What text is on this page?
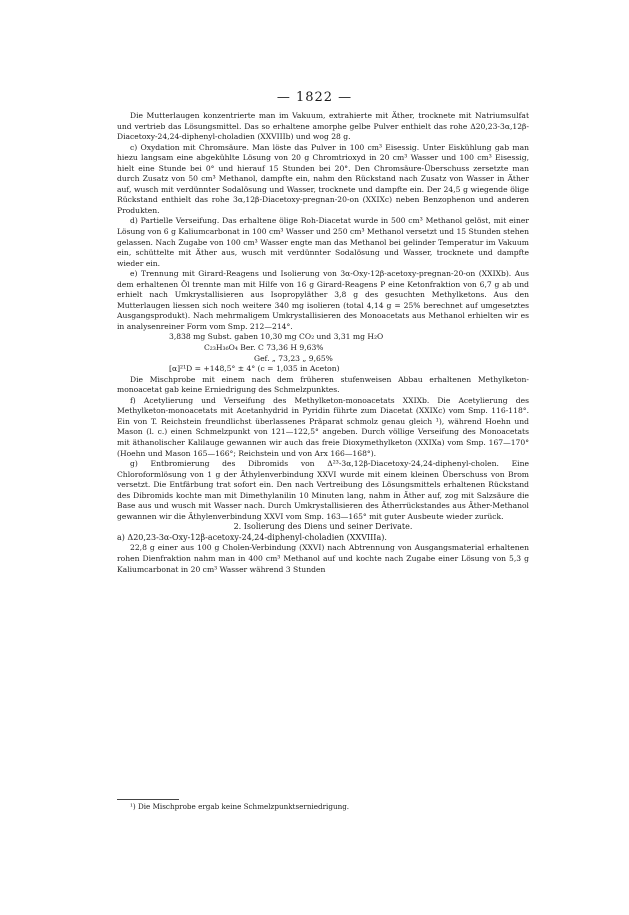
— 1822 —

Die Mutterlaugen konzentrierte man im Vakuum, extrahierte mit Äther, trocknete mit Natriumsulfat und vertrieb das Lösungsmittel. Das so erhaltene amorphe gelbe Pulver enthielt das rohe Δ20,23-3α,12β-Diacetoxy-24,24-diphenyl-choladien (XXVIIIb) und wog 28 g.

c) Oxydation mit Chromsäure. Man löste das Pulver in 100 cm³ Eisessig. Unter Eiskühlung gab man hiezu langsam eine abgekühlte Lösung von 20 g Chromtrioxyd in 20 cm³ Wasser und 100 cm³ Eisessig, hielt eine Stunde bei 0° und hierauf 15 Stunden bei 20°. Den Chromsäure-Überschuss zersetzte man durch Zusatz von 50 cm³ Methanol, dampfte ein, nahm den Rückstand nach Zusatz von Wasser in Äther auf, wusch mit verdünnter Sodalösung und Wasser, trocknete und dampfte ein. Der 24,5 g wiegende ölige Rückstand enthielt das rohe 3α,12β-Diacetoxy-pregnan-20-on (XXIXc) neben Benzophenon und anderen Produkten.

d) Partielle Verseifung. Das erhaltene ölige Roh-Diacetat wurde in 500 cm³ Methanol gelöst, mit einer Lösung von 6 g Kaliumcarbonat in 100 cm³ Wasser und 250 cm³ Methanol versetzt und 15 Stunden stehen gelassen. Nach Zugabe von 100 cm³ Wasser engte man das Methanol bei gelinder Temperatur im Vakuum ein, schüttelte mit Äther aus, wusch mit verdünnter Sodalösung und Wasser, trocknete und dampfte wieder ein.

e) Trennung mit Girard-Reagens und Isolierung von 3α-Oxy-12β-acetoxy-pregnan-20-on (XXIXb). Aus dem erhaltenen Öl trennte man mit Hilfe von 16 g Girard-Reagens P eine Ketonfraktion von 6,7 g ab und erhielt nach Umkrystallisieren aus Isopropyläther 3,8 g des gesuchten Methylketons. Aus den Mutterlaugen liessen sich noch weitere 340 mg isolieren (total 4,14 g = 25% berechnet auf umgesetztes Ausgangsprodukt). Nach mehrmaligem Umkrystallisieren des Monoacetats aus Methanol erhielten wir es in analysenreiner Form vom Smp. 212—214°.

3,838 mg Subst. gaben 10,30 mg CO₂ und 3,31 mg H₂O

C₂₃H₃₆O₄ Ber. C 73,36 H 9,63%

Gef. „ 73,23 „ 9,65%

[α]²¹D = +148,5° ± 4° (c = 1,035 in Aceton)

Die Mischprobe mit einem nach dem früheren stufenweisen Abbau erhaltenen Methylketon-monoacetat gab keine Erniedrigung des Schmelzpunktes.

f) Acetylierung und Verseifung des Methylketon-monoacetats XXIXb. Die Acetylierung des Methylketon-monoacetats mit Acetanhydrid in Pyridin führte zum Diacetat (XXIXc) vom Smp. 116-118°. Ein von T. Reichstein freundlichst überlassenes Präparat schmolz genau gleich ¹), während Hoehn und Mason (l. c.) einen Schmelzpunkt von 121—122,5° angeben. Durch völlige Verseifung des Monoacetats mit äthanolischer Kalilauge gewannen wir auch das freie Dioxymethylketon (XXIXa) vom Smp. 167—170° (Hoehn und Mason 165—166°; Reichstein und von Arx 166—168°).

g) Entbromierung des Dibromids von Δ²³-3α,12β-Diacetoxy-24,24-diphenyl-cholen. Eine Chloroformlösung von 1 g der Äthylenverbindung XXVI wurde mit einem kleinen Überschuss von Brom versetzt. Die Entfärbung trat sofort ein. Den nach Vertreibung des Lösungsmittels erhaltenen Rückstand des Dibromids kochte man mit Dimethylanilin 10 Minuten lang, nahm in Äther auf, zog mit Salzsäure die Base aus und wusch mit Wasser nach. Durch Umkrystallisieren des Ätherrückstandes aus Äther-Methanol gewannen wir die Äthylenverbindung XXVI vom Smp. 163—165° mit guter Ausbeute wieder zurück.

2. Isolierung des Diens und seiner Derivate.

a) Δ20,23-3α-Oxy-12β-acetoxy-24,24-diphenyl-choladien (XXVIIIa).

22,8 g einer aus 100 g Cholen-Verbindung (XXVI) nach Abtrennung von Ausgangsmaterial erhaltenen rohen Dienfraktion nahm man in 400 cm³ Methanol auf und kochte nach Zugabe einer Lösung von 5,3 g Kaliumcarbonat in 20 cm³ Wasser während 3 Stunden

¹) Die Mischprobe ergab keine Schmelzpunktserniedrigung.
